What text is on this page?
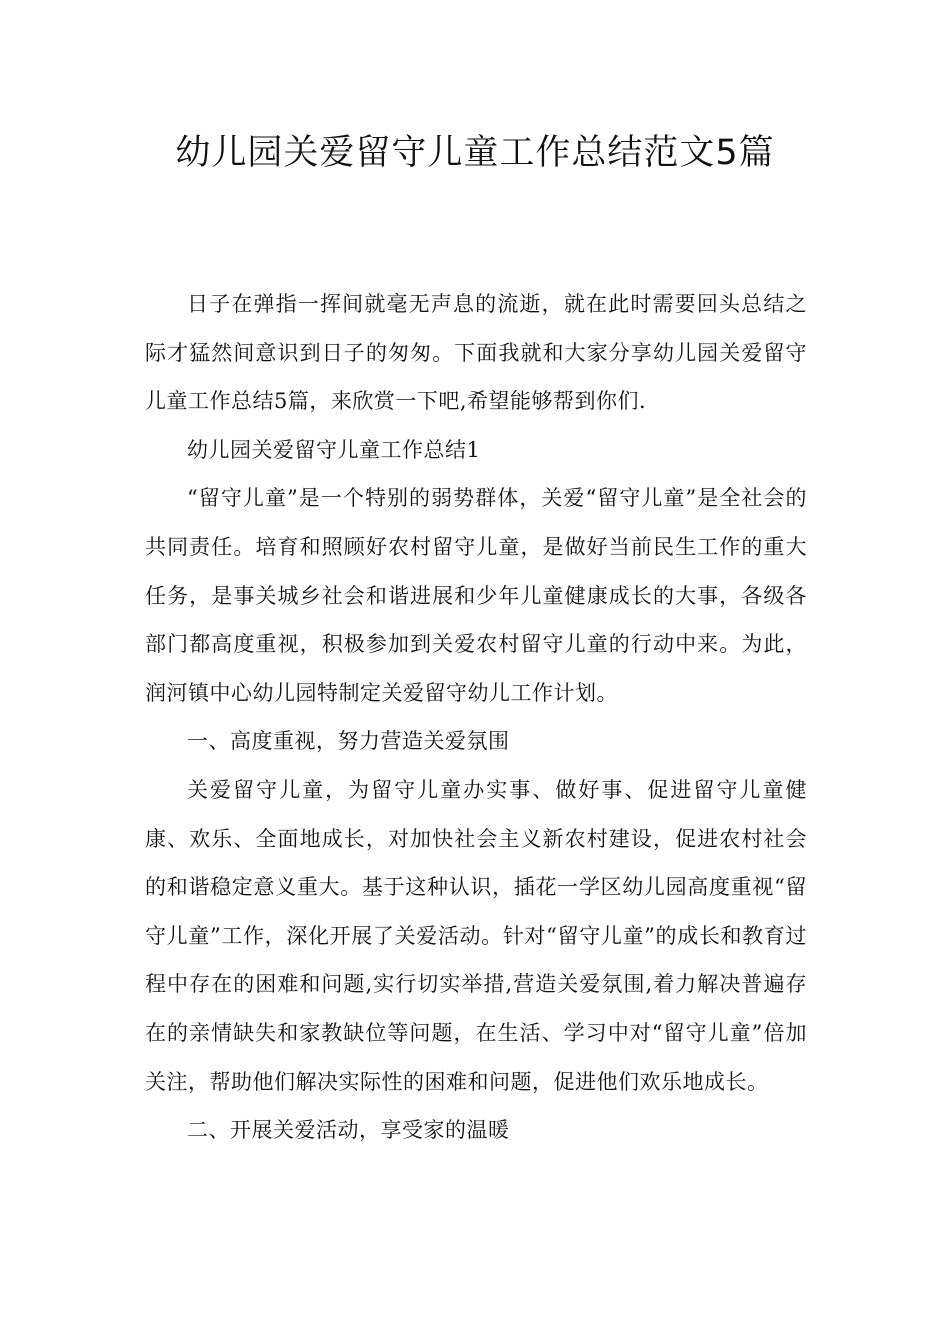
幼儿园关爱留守儿童工作总结范文5篇

日子在弹指一挥间就毫无声息的流逝，就在此时需要回头总结之际才猛然间意识到日子的匆匆。下面我就和大家分享幼儿园关爱留守儿童工作总结5篇，来欣赏一下吧,希望能够帮到你们.

幼儿园关爱留守儿童工作总结1

“留守儿童”是一个特别的弱势群体，关爱“留守儿童”是全社会的共同责任。培育和照顾好农村留守儿童，是做好当前民生工作的重大任务，是事关城乡社会和谐进展和少年儿童健康成长的大事，各级各部门都高度重视，积极参加到关爱农村留守儿童的行动中来。为此，润河镇中心幼儿园特制定关爱留守幼儿工作计划。

一、高度重视，努力营造关爱氛围

关爱留守儿童，为留守儿童办实事、做好事、促进留守儿童健康、欢乐、全面地成长，对加快社会主义新农村建设，促进农村社会的和谐稳定意义重大。基于这种认识，插花一学区幼儿园高度重视“留守儿童”工作，深化开展了关爱活动。针对“留守儿童”的成长和教育过程中存在的困难和问题,实行切实举措,营造关爱氛围,着力解决普遍存在的亲情缺失和家教缺位等问题，在生活、学习中对“留守儿童”倍加关注，帮助他们解决实际性的困难和问题，促进他们欢乐地成长。

二、开展关爱活动，享受家的温暖
